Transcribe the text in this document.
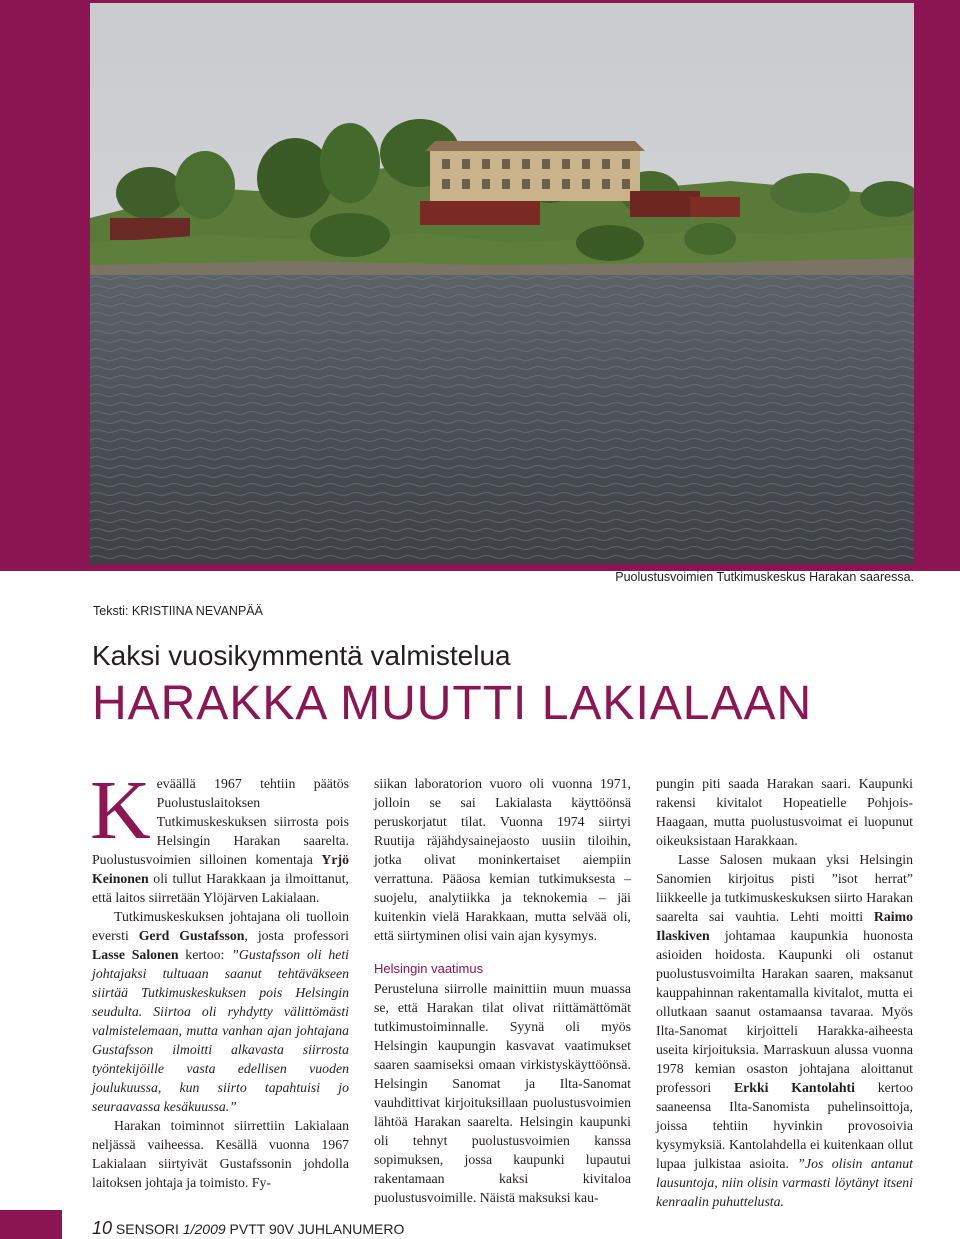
Puolustusvoimien Tutkimuskeskus Harakan saaressa.
Teksti: KRISTIINA NEVANPÄÄ
Kaksi vuosikymmentä valmistelua
HARAKKA MUUTTI LAKIALAAN

Keväällä 1967 tehtiin päätös Puolustuslaitoksen Tutkimuskeskuksen siirrosta pois Helsingin Harakan saarelta. Puolustusvoimien silloinen komentaja Yrjö Keinonen oli tullut Harakkaan ja ilmoittanut, että laitos siirretään Ylöjärven Lakialaan.

Tutkimuskeskuksen johtajana oli tuolloin eversti Gerd Gustafsson, josta professori Lasse Salonen kertoo: ”Gustafsson oli heti johtajaksi tultuaan saanut tehtäväkseen siirtää Tutkimuskeskuksen pois Helsingin seudulta. Siirtoa oli ryhdytty välittömästi valmistelemaan, mutta vanhan ajan johtajana Gustafsson ilmoitti alkavasta siirrosta työntekijöille vasta edellisen vuoden joulukuussa, kun siirto tapahtuisi jo seuraavassa kesäkuussa.”

Harakan toiminnot siirrettiin Lakialaan neljässä vaiheessa. Kesällä vuonna 1967 Lakialaan siirtyivät Gustafssonin johdolla laitoksen johtaja ja toimisto. Fy-

siikan laboratorion vuoro oli vuonna 1971, jolloin se sai Lakialasta käyttöönsä peruskorjatut tilat. Vuonna 1974 siirtyi Ruutija räjähdysainejaosto uusiin tiloihin, jotka olivat moninkertaiset aiempiin verrattuna. Pääosa kemian tutkimuksesta – suojelu, analytiikka ja teknokemia – jäi kuitenkin vielä Harakkaan, mutta selvää oli, että siirtyminen olisi vain ajan kysymys.

Helsingin vaatimus

Perusteluna siirrolle mainittiin muun muassa se, että Harakan tilat olivat riittämättömät tutkimustoiminnalle. Syynä oli myös Helsingin kaupungin kasvavat vaatimukset saaren saamiseksi omaan virkistyskäyttöönsä. Helsingin Sanomat ja Ilta-Sanomat vauhdittivat kirjoituksillaan puolustusvoimien lähtöä Harakan saarelta. Helsingin kaupunki oli tehnyt puolustusvoimien kanssa sopimuksen, jossa kaupunki lupautui rakentamaan kaksi kivitaloa puolustusvoimille. Näistä maksuksi kau-

pungin piti saada Harakan saari. Kaupunki rakensi kivitalot Hopeatielle Pohjois-Haagaan, mutta puolustusvoimat ei luopunut oikeuksistaan Harakkaan.

Lasse Salosen mukaan yksi Helsingin Sanomien kirjoitus pisti ”isot herrat” liikkeelle ja tutkimuskeskuksen siirto Harakan saarelta sai vauhtia. Lehti moitti Raimo Ilaskiven johtamaa kaupunkia huonosta asioiden hoidosta. Kaupunki oli ostanut puolustusvoimilta Harakan saaren, maksanut kauppahinnan rakentamalla kivitalot, mutta ei ollutkaan saanut ostamaansa tavaraa. Myös Ilta-Sanomat kirjoitteli Harakka-aiheesta useita kirjoituksia. Marraskuun alussa vuonna 1978 kemian osaston johtajana aloittanut professori Erkki Kantolahti kertoo saaneensa Ilta-Sanomista puhelinsoittoja, joissa tehtiin hyvinkin provosoivia kysymyksiä. Kantolahdella ei kuitenkaan ollut lupaa julkistaa asioita. ”Jos olisin antanut lausuntoja, niin olisin varmasti löytänyt itseni kenraalin puhuttelusta.

10 SENSORI 1/2009 PVTT 90V JUHLANUMERO
